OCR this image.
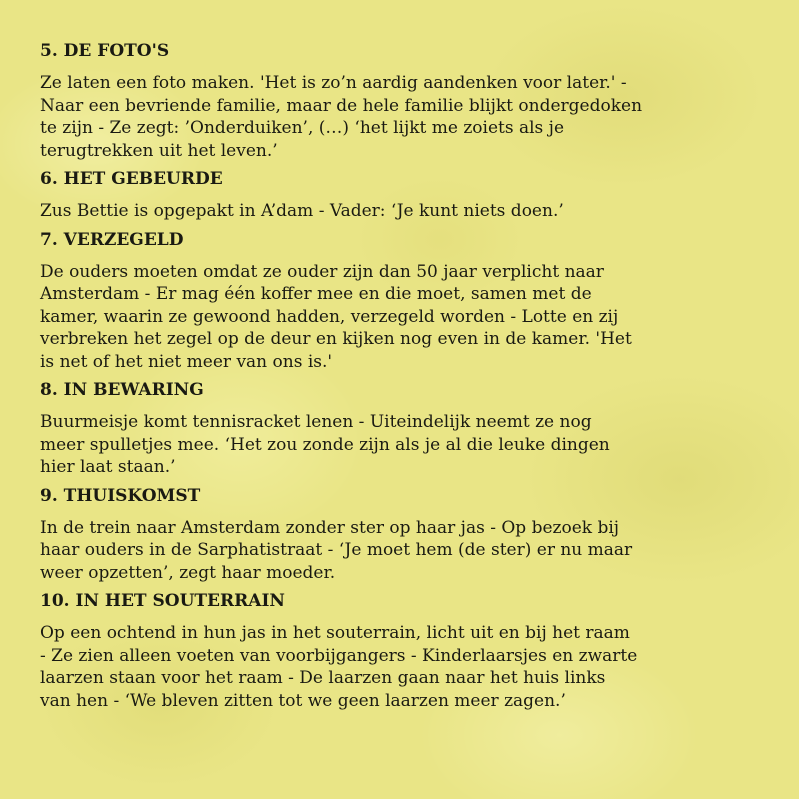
5. DE FOTO'S
Ze laten een foto maken. 'Het is zo’n aardig aandenken voor later.' -
Naar een bevriende familie, maar de hele familie blijkt ondergedoken
te zijn - Ze zegt: ’Onderduiken’, (…) ‘het lijkt me zoiets als je
terugtrekken uit het leven.’
6. HET GEBEURDE
Zus Bettie is opgepakt in A’dam - Vader: ‘Je kunt niets doen.’
7. VERZEGELD
De ouders moeten omdat ze ouder zijn dan 50 jaar verplicht naar
Amsterdam - Er mag één koffer mee en die moet, samen met de
kamer, waarin ze gewoond hadden, verzegeld worden - Lotte en zij
verbreken het zegel op de deur en kijken nog even in de kamer. 'Het
is net of het niet meer van ons is.'
8. IN BEWARING
Buurmeisje komt tennisracket lenen - Uiteindelijk neemt ze nog
meer spulletjes mee. ‘Het zou zonde zijn als je al die leuke dingen
hier laat staan.’
9. THUISKOMST
In de trein naar Amsterdam zonder ster op haar jas - Op bezoek bij
haar ouders in de Sarphatistraat - ‘Je moet hem (de ster) er nu maar
weer opzetten’, zegt haar moeder.
10. IN HET SOUTERRAIN
Op een ochtend in hun jas in het souterrain, licht uit en bij het raam
- Ze zien alleen voeten van voorbijgangers - Kinderlaarsjes en zwarte
laarzen staan voor het raam - De laarzen gaan naar het huis links
van hen - ‘We bleven zitten tot we geen laarzen meer zagen.’
